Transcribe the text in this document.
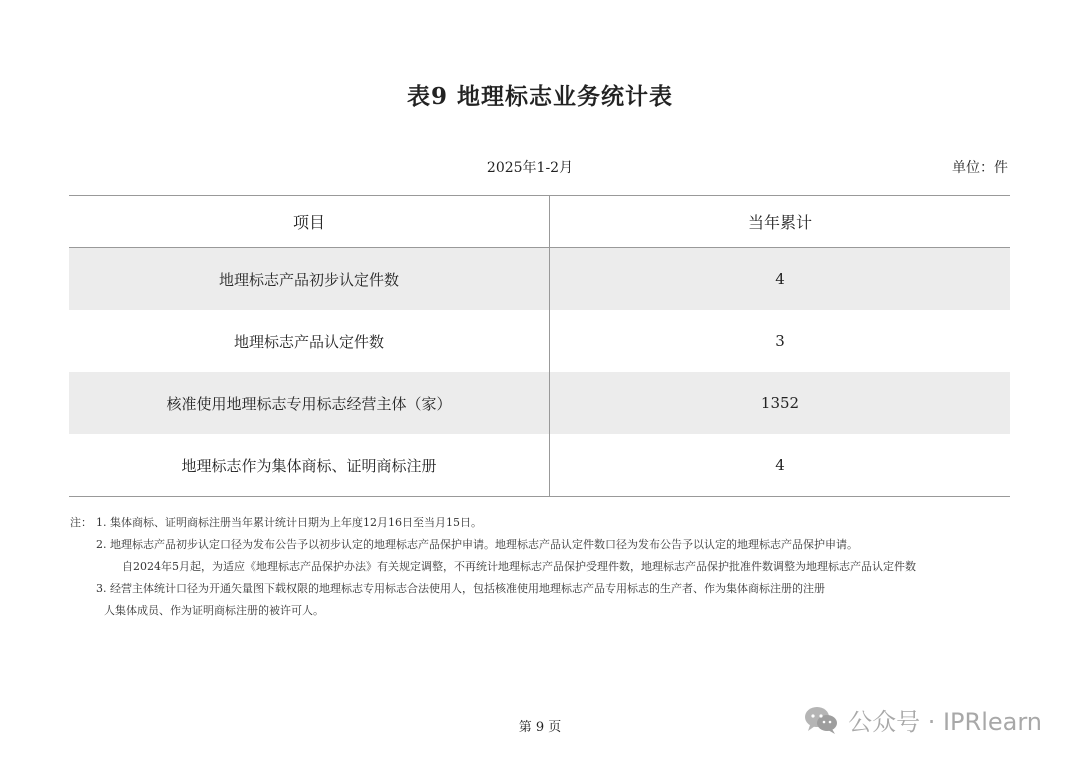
表9 地理标志业务统计表
2025年1-2月	单位：件
项目	当年累计
地理标志产品初步认定件数	4
地理标志产品认定件数	3
核准使用地理标志专用标志经营主体（家）	1352
地理标志作为集体商标、证明商标注册	4
注： 1. 集体商标、证明商标注册当年累计统计日期为上年度12月16日至当月15日。
2. 地理标志产品初步认定口径为发布公告予以初步认定的地理标志产品保护申请。地理标志产品认定件数口径为发布公告予以认定的地理标志产品保护申请。
自2024年5月起，为适应《地理标志产品保护办法》有关规定调整，不再统计地理标志产品保护受理件数，地理标志产品保护批准件数调整为地理标志产品认定件数
3. 经营主体统计口径为开通矢量图下载权限的地理标志专用标志合法使用人，包括核准使用地理标志产品专用标志的生产者、作为集体商标注册的注册
人集体成员、作为证明商标注册的被许可人。
第 9 页	公众号 · IPRlearn
